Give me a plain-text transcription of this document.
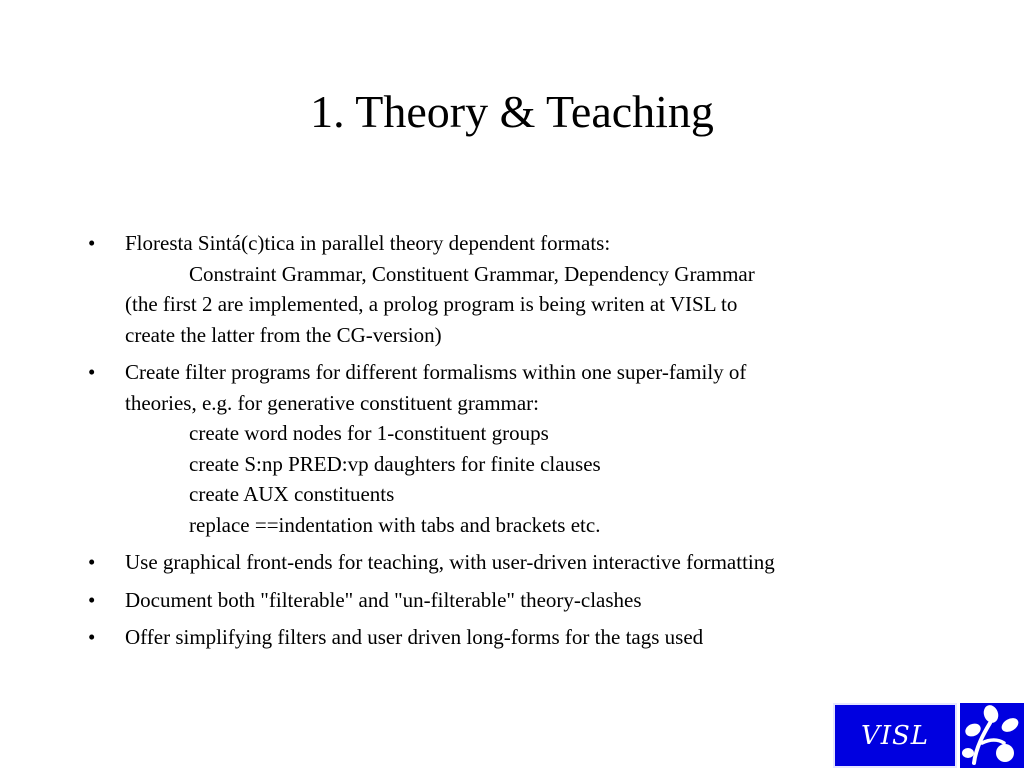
1. Theory & Teaching
• Floresta Sintá(c)tica in parallel theory dependent formats:
Constraint Grammar, Constituent Grammar, Dependency Grammar
(the first 2 are implemented, a prolog program is being writen at VISL to
create the latter from the CG-version)
• Create filter programs for different formalisms within one super-family of
theories, e.g. for generative constituent grammar:
create word nodes for 1-constituent groups
create S:np PRED:vp daughters for finite clauses
create AUX constituents
replace ==indentation with tabs and brackets etc.
• Use graphical front-ends for teaching, with user-driven interactive formatting
• Document both "filterable" and "un-filterable" theory-clashes
• Offer simplifying filters and user driven long-forms for the tags used
VISL
